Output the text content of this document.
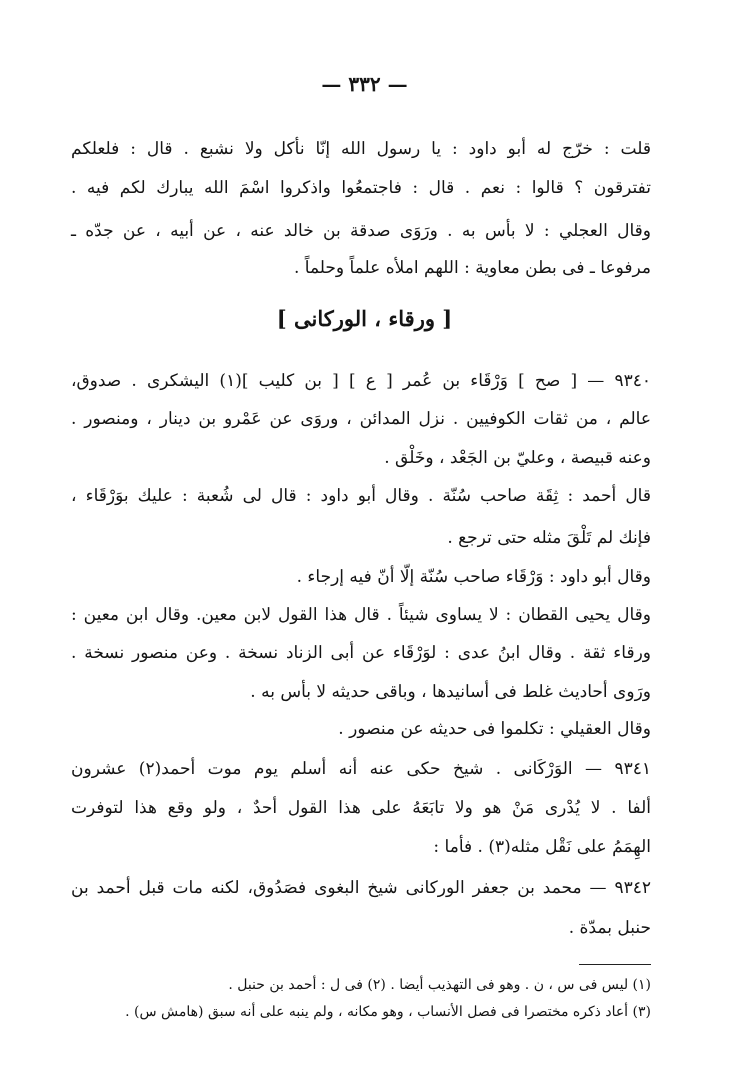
— ٣٣٢ —
قلت : خرّج له أبو داود : يا رسول الله إنّا نأكل ولا نشبع . قال : فلعلكم
تفترقون ؟ قالوا : نعم . قال : فاجتمعُوا واذكروا اسْمَ الله يبارك لكم فيه .
وقال العجلي : لا بأس به . ورَوَى صدقة بن خالد عنه ، عن أبيه ، عن جدّه ـ
مرفوعا ـ فى بطن معاوية : اللهم املأه علماً وحلماً .
[ ورقاء ، الوركانى ]
٩٣٤٠ — [ صح ] وَرْقَاء بن عُمر [ ع ] [ بن كليب ](١) اليشكرى . صدوق،
عالم ، من ثقات الكوفيين . نزل المدائن ، وروَى عن عَمْرو بن دينار ، ومنصور .
وعنه قبيصة ، وعليّ بن الجَعْد ، وخَلْق .
قال أحمد : ثِقَة صاحب سُنّة . وقال أبو داود : قال لى شُعبة : عليك بوَرْقَاء ،
فإنك لم تَلْقَ مثله حتى ترجع .
وقال أبو داود : وَرْقَاء صاحب سُنّة إلّا أنّ فيه إرجاء .
وقال يحيى القطان : لا يساوى شيئاً . قال هذا القول لابن معين. وقال ابن معين :
ورقاء ثقة . وقال ابنُ عدى : لوَرْقَاء عن أبى الزناد نسخة . وعن منصور نسخة .
ورَوى أحاديث غلط فى أسانيدها ، وباقى حديثه لا بأس به .
وقال العقيلي : تكلموا فى حديثه عن منصور .
٩٣٤١ — الوَرْكَانى . شيخ حكى عنه أنه أسلم يوم موت أحمد(٢) عشرون
ألفا . لا يُدْرى مَنْ هو ولا تابَعَهُ على هذا القول أحدٌ ، ولو وقع هذا لتوفرت
الهِمَمُ على نَقْل مثله(٣) . فأما :
٩٣٤٢ — محمد بن جعفر الوركانى شيخ البغوى فصَدُوق، لكنه مات قبل أحمد بن
حنبل بمدّة .
(١) ليس فى س ، ن . وهو فى التهذيب أيضا . (٢) فى ل : أحمد بن حنبل .
(٣) أعاد ذكره مختصرا فى فصل الأنساب ، وهو مكانه ، ولم ينبه على أنه سبق (هامش س) .
